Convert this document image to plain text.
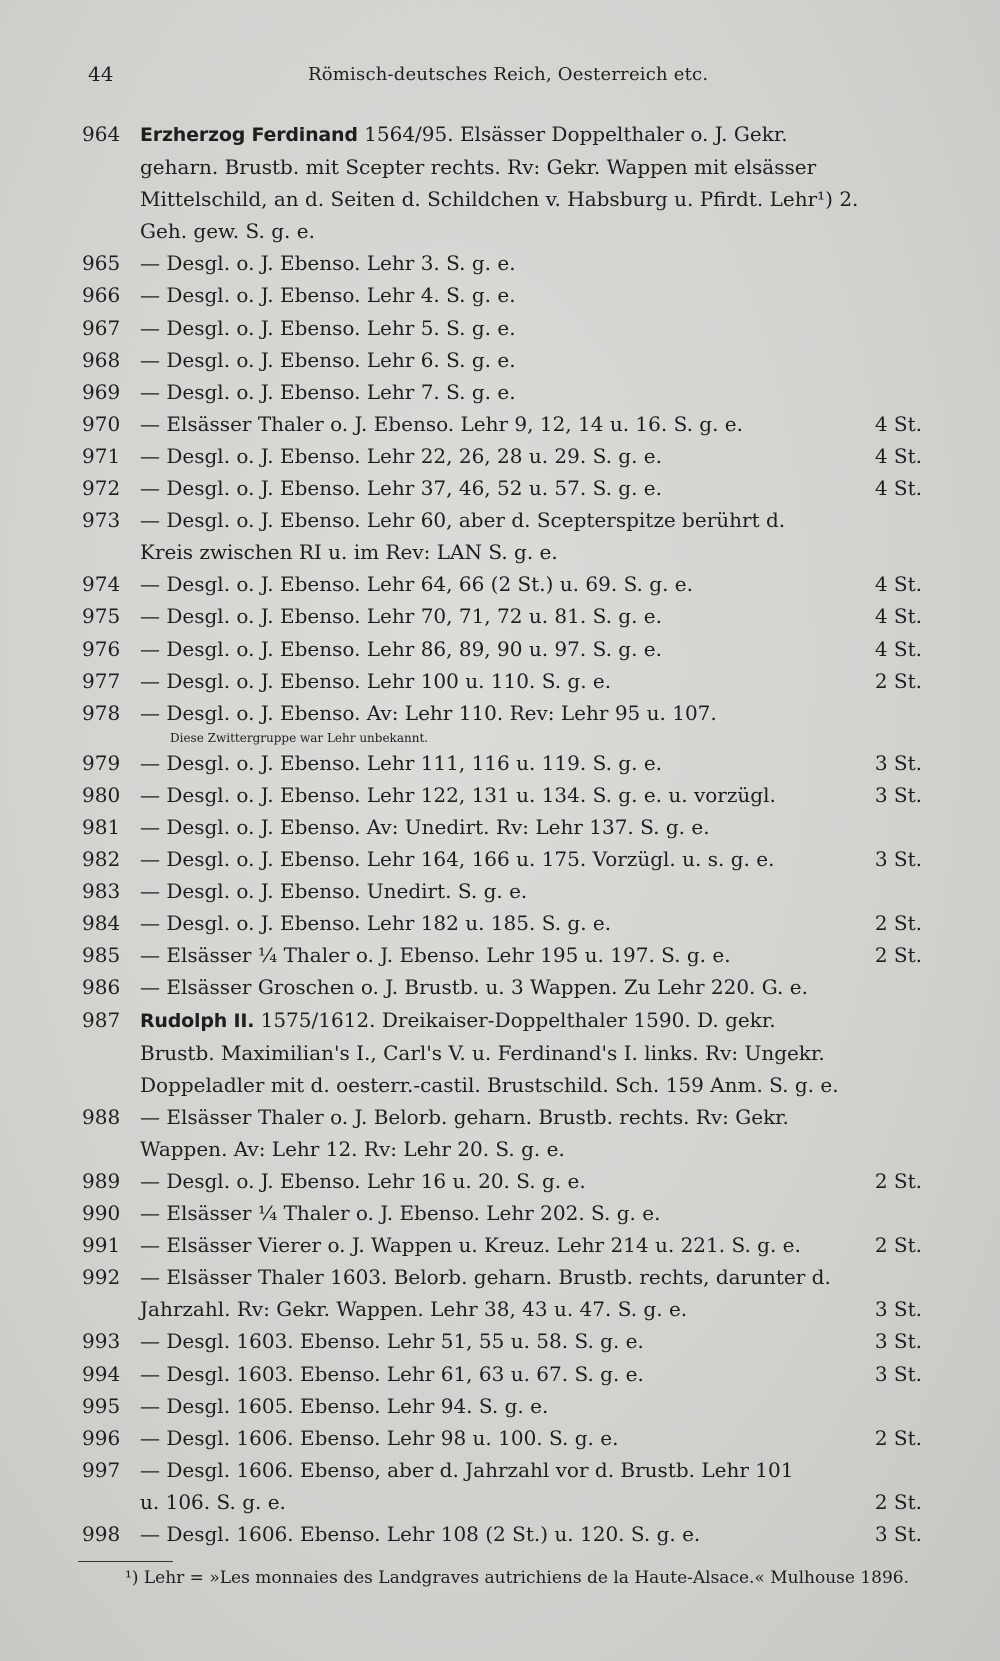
44	Römisch-deutsches Reich, Oesterreich etc.
964 Erzherzog Ferdinand 1564/95. Elsässer Doppelthaler o. J. Gekr.
geharn. Brustb. mit Scepter rechts. Rv: Gekr. Wappen mit elsässer
Mittelschild, an d. Seiten d. Schildchen v. Habsburg u. Pfirdt. Lehr¹) 2.
Geh. gew. S. g. e.
965 — Desgl. o. J. Ebenso. Lehr 3. S. g. e.
966 — Desgl. o. J. Ebenso. Lehr 4. S. g. e.
967 — Desgl. o. J. Ebenso. Lehr 5. S. g. e.
968 — Desgl. o. J. Ebenso. Lehr 6. S. g. e.
969 — Desgl. o. J. Ebenso. Lehr 7. S. g. e.
970 — Elsässer Thaler o. J. Ebenso. Lehr 9, 12, 14 u. 16. S. g. e.	4 St.
971 — Desgl. o. J. Ebenso. Lehr 22, 26, 28 u. 29. S. g. e.	4 St.
972 — Desgl. o. J. Ebenso. Lehr 37, 46, 52 u. 57. S. g. e.	4 St.
973 — Desgl. o. J. Ebenso. Lehr 60, aber d. Scepterspitze berührt d.
Kreis zwischen RI u. im Rev: LAN S. g. e.
974 — Desgl. o. J. Ebenso. Lehr 64, 66 (2 St.) u. 69. S. g. e.	4 St.
975 — Desgl. o. J. Ebenso. Lehr 70, 71, 72 u. 81. S. g. e.	4 St.
976 — Desgl. o. J. Ebenso. Lehr 86, 89, 90 u. 97. S. g. e.	4 St.
977 — Desgl. o. J. Ebenso. Lehr 100 u. 110. S. g. e.	2 St.
978 — Desgl. o. J. Ebenso. Av: Lehr 110. Rev: Lehr 95 u. 107.
Diese Zwittergruppe war Lehr unbekannt.
979 — Desgl. o. J. Ebenso. Lehr 111, 116 u. 119. S. g. e.	3 St.
980 — Desgl. o. J. Ebenso. Lehr 122, 131 u. 134. S. g. e. u. vorzügl.	3 St.
981 — Desgl. o. J. Ebenso. Av: Unedirt. Rv: Lehr 137. S. g. e.
982 — Desgl. o. J. Ebenso. Lehr 164, 166 u. 175. Vorzügl. u. s. g. e.	3 St.
983 — Desgl. o. J. Ebenso. Unedirt. S. g. e.
984 — Desgl. o. J. Ebenso. Lehr 182 u. 185. S. g. e.	2 St.
985 — Elsässer ¼ Thaler o. J. Ebenso. Lehr 195 u. 197. S. g. e.	2 St.
986 — Elsässer Groschen o. J. Brustb. u. 3 Wappen. Zu Lehr 220. G. e.
987 Rudolph II. 1575/1612. Dreikaiser-Doppelthaler 1590. D. gekr.
Brustb. Maximilian's I., Carl's V. u. Ferdinand's I. links. Rv: Ungekr.
Doppeladler mit d. oesterr.-castil. Brustschild. Sch. 159 Anm. S. g. e.
988 — Elsässer Thaler o. J. Belorb. geharn. Brustb. rechts. Rv: Gekr.
Wappen. Av: Lehr 12. Rv: Lehr 20. S. g. e.
989 — Desgl. o. J. Ebenso. Lehr 16 u. 20. S. g. e.	2 St.
990 — Elsässer ¼ Thaler o. J. Ebenso. Lehr 202. S. g. e.
991 — Elsässer Vierer o. J. Wappen u. Kreuz. Lehr 214 u. 221. S. g. e.	2 St.
992 — Elsässer Thaler 1603. Belorb. geharn. Brustb. rechts, darunter d.
Jahrzahl. Rv: Gekr. Wappen. Lehr 38, 43 u. 47. S. g. e.	3 St.
993 — Desgl. 1603. Ebenso. Lehr 51, 55 u. 58. S. g. e.	3 St.
994 — Desgl. 1603. Ebenso. Lehr 61, 63 u. 67. S. g. e.	3 St.
995 — Desgl. 1605. Ebenso. Lehr 94. S. g. e.
996 — Desgl. 1606. Ebenso. Lehr 98 u. 100. S. g. e.	2 St.
997 — Desgl. 1606. Ebenso, aber d. Jahrzahl vor d. Brustb. Lehr 101
u. 106. S. g. e.	2 St.
998 — Desgl. 1606. Ebenso. Lehr 108 (2 St.) u. 120. S. g. e.	3 St.
¹) Lehr = »Les monnaies des Landgraves autrichiens de la Haute-Alsace.« Mulhouse 1896.
